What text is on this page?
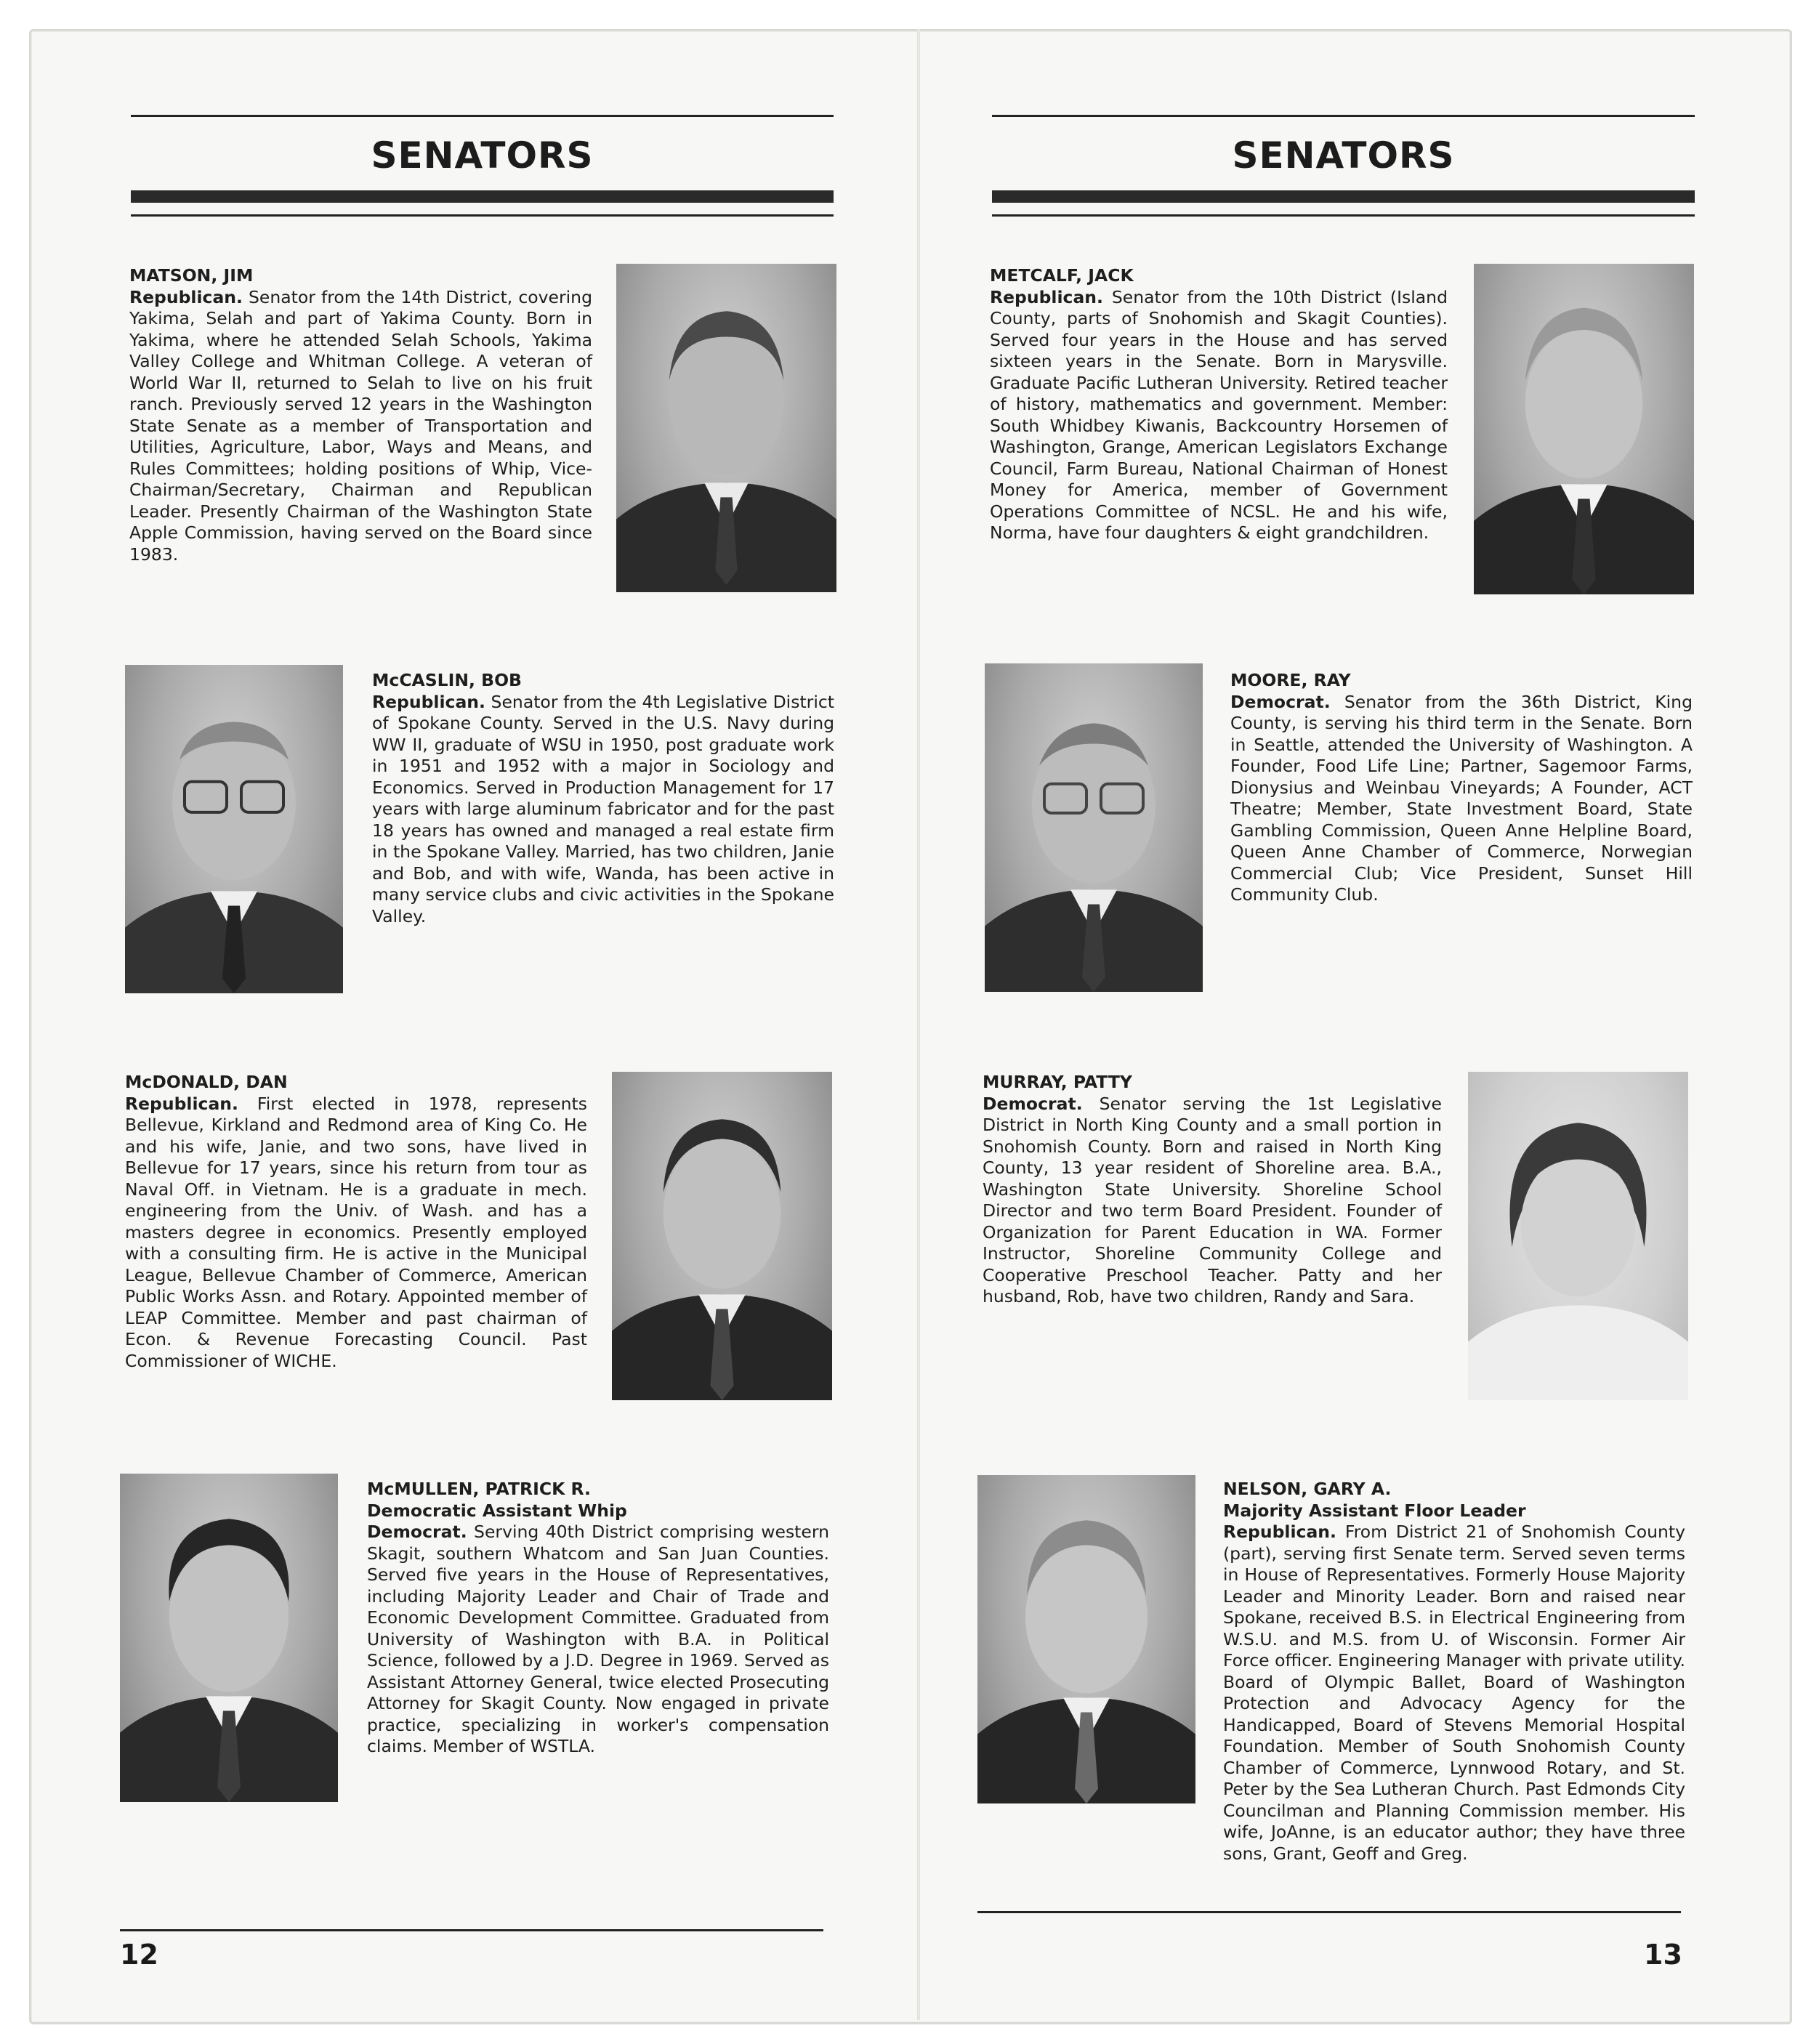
SENATORS
MATSON, JIM
Republican. Senator from the 14th District, covering Yakima, Selah and part of Yakima County. Born in Yakima, where he attended Selah Schools, Yakima Valley College and Whitman College. A veteran of World War II, returned to Selah to live on his fruit ranch. Previously served 12 years in the Washington State Senate as a member of Transportation and Utilities, Agriculture, Labor, Ways and Means, and Rules Committees; holding positions of Whip, Vice-Chairman/Secretary, Chairman and Republican Leader. Presently Chairman of the Washington State Apple Commission, having served on the Board since 1983.
McCASLIN, BOB
Republican. Senator from the 4th Legislative District of Spokane County. Served in the U.S. Navy during WW II, graduate of WSU in 1950, post graduate work in 1951 and 1952 with a major in Sociology and Economics. Served in Production Management for 17 years with large aluminum fabricator and for the past 18 years has owned and managed a real estate firm in the Spokane Valley. Married, has two children, Janie and Bob, and with wife, Wanda, has been active in many service clubs and civic activities in the Spokane Valley.
McDONALD, DAN
Republican. First elected in 1978, represents Bellevue, Kirkland and Redmond area of King Co. He and his wife, Janie, and two sons, have lived in Bellevue for 17 years, since his return from tour as Naval Off. in Vietnam. He is a graduate in mech. engineering from the Univ. of Wash. and has a masters degree in economics. Presently employed with a consulting firm. He is active in the Municipal League, Bellevue Chamber of Commerce, American Public Works Assn. and Rotary. Appointed member of LEAP Committee. Member and past chairman of Econ. & Revenue Forecasting Council. Past Commissioner of WICHE.
McMULLEN, PATRICK R.
Democratic Assistant Whip
Democrat. Serving 40th District comprising western Skagit, southern Whatcom and San Juan Counties. Served five years in the House of Representatives, including Majority Leader and Chair of Trade and Economic Development Committee. Graduated from University of Washington with B.A. in Political Science, followed by a J.D. Degree in 1969. Served as Assistant Attorney General, twice elected Prosecuting Attorney for Skagit County. Now engaged in private practice, specializing in worker's compensation claims. Member of WSTLA.
12
SENATORS
METCALF, JACK
Republican. Senator from the 10th District (Island County, parts of Snohomish and Skagit Counties). Served four years in the House and has served sixteen years in the Senate. Born in Marysville. Graduate Pacific Lutheran University. Retired teacher of history, mathematics and government. Member: South Whidbey Kiwanis, Backcountry Horsemen of Washington, Grange, American Legislators Exchange Council, Farm Bureau, National Chairman of Honest Money for America, member of Government Operations Committee of NCSL. He and his wife, Norma, have four daughters & eight grandchildren.
MOORE, RAY
Democrat. Senator from the 36th District, King County, is serving his third term in the Senate. Born in Seattle, attended the University of Washington. A Founder, Food Life Line; Partner, Sagemoor Farms, Dionysius and Weinbau Vineyards; A Founder, ACT Theatre; Member, State Investment Board, State Gambling Commission, Queen Anne Helpline Board, Queen Anne Chamber of Commerce, Norwegian Commercial Club; Vice President, Sunset Hill Community Club.
MURRAY, PATTY
Democrat. Senator serving the 1st Legislative District in North King County and a small portion in Snohomish County. Born and raised in North King County, 13 year resident of Shoreline area. B.A., Washington State University. Shoreline School Director and two term Board President. Founder of Organization for Parent Education in WA. Former Instructor, Shoreline Community College and Cooperative Preschool Teacher. Patty and her husband, Rob, have two children, Randy and Sara.
NELSON, GARY A.
Majority Assistant Floor Leader
Republican. From District 21 of Snohomish County (part), serving first Senate term. Served seven terms in House of Representatives. Formerly House Majority Leader and Minority Leader. Born and raised near Spokane, received B.S. in Electrical Engineering from W.S.U. and M.S. from U. of Wisconsin. Former Air Force officer. Engineering Manager with private utility. Board of Olympic Ballet, Board of Washington Protection and Advocacy Agency for the Handicapped, Board of Stevens Memorial Hospital Foundation. Member of South Snohomish County Chamber of Commerce, Lynnwood Rotary, and St. Peter by the Sea Lutheran Church. Past Edmonds City Councilman and Planning Commission member. His wife, JoAnne, is an educator author; they have three sons, Grant, Geoff and Greg.
13
